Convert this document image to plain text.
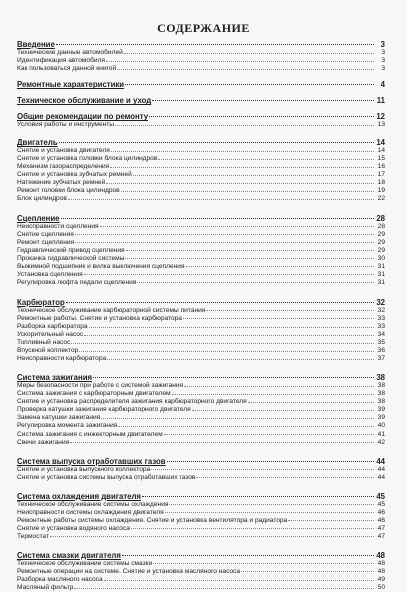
СОДЕРЖАНИЕ
Введение	3
Технические данные автомобилей	3
Идентификация автомобиля	3
Как пользоваться данной книгой	3
Ремонтные характеристики	4
Техническое обслуживание и уход	11
Общие рекомендации по ремонту	12
Условия работы и инструменты	13
Двигатель	14
Снятие и установка двигателя	14
Снятие и установка головки блока цилиндров	15
Механизм газораспределения	16
Снятие и установка зубчатых ремней	17
Натяжение зубчатых ремней	18
Ремонт головки блока цилиндров	19
Блок цилиндров	22
Сцепление	28
Неисправности сцепления	28
Снятие сцепления	29
Ремонт сцепления	29
Гидравлический привод сцепления	29
Прокачка гидравлической системы	30
Выжимной подшипник и вилка выключения сцепления	31
Установка сцепления	31
Регулировка люфта педали сцепления	31
Карбюратор	32
Техническое обслуживание карбюраторной системы питания	32
Ремонтные работы. Снятие и установка карбюратора	33
Разборка карбюратора	33
Ускорительный насос	34
Топливный насос	35
Впускной коллектор	36
Неисправности карбюратора	37
Система зажигания	38
Меры безопасности при работе с системой зажигания	38
Система зажигания с карбюраторным двигателем	38
Снятие и установка распределителя зажигания карбюраторного двигателя	38
Проверка катушки зажигания карбюраторного двигателя	39
Замена катушки зажигания	39
Регулировка момента зажигания	40
Система зажигания с инжекторным двигателем	41
Свечи зажигания	42
Система выпуска отработавших газов	44
Снятие и установка выпускного коллектора	44
Снятие и установка системы выпуска отработавших газов	44
Система охлаждения двигателя	45
Техническое обслуживание системы охлаждения	45
Неисправности системы охлаждения двигателя	46
Ремонтные работы системы охлаждения. Снятие и установка вентилятора и радиатора	46
Снятие и установка водяного насоса	47
Термостат	47
Система смазки двигателя	48
Техническое обслуживание системы смазки	48
Ремонтные операции на системе. Снятие и установка масляного насоса	48
Разборка масляного насоса	49
Масляный фильтр	50
